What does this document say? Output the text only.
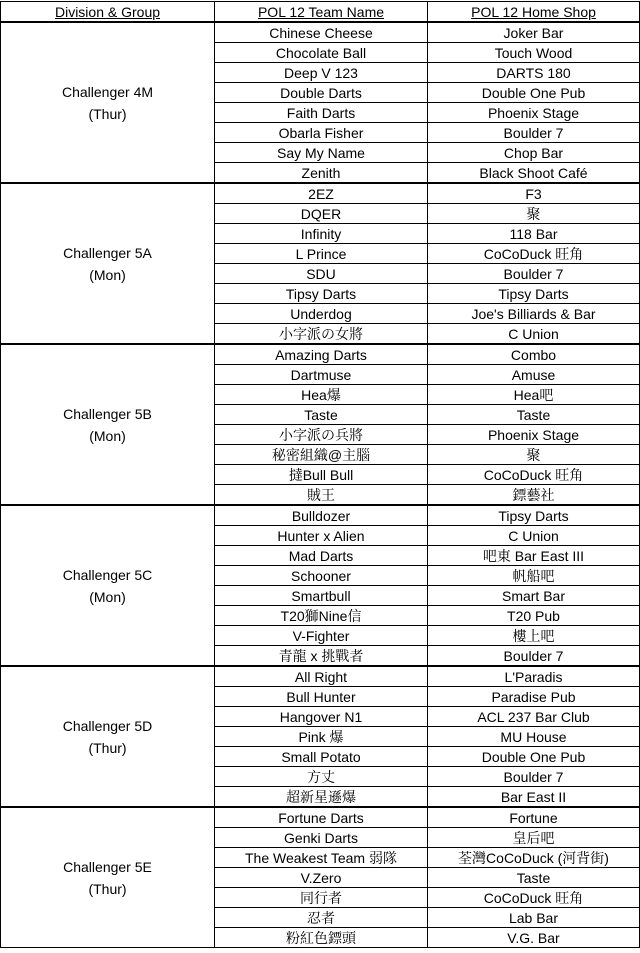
Division & Group	POL 12 Team Name	POL 12 Home Shop

Challenger 4M
(Thur)	Chinese Cheese	Joker Bar
	Chocolate Ball	Touch Wood
	Deep V 123	DARTS 180
	Double Darts	Double One Pub
	Faith Darts	Phoenix Stage
	Obarla Fisher	Boulder 7
	Say My Name	Chop Bar
	Zenith	Black Shoot Café

Challenger 5A
(Mon)	2EZ	F3
	DQER	聚
	Infinity	118 Bar
	L Prince	CoCoDuck 旺角
	SDU	Boulder 7
	Tipsy Darts	Tipsy Darts
	Underdog	Joe's Billiards & Bar
	小字派の女將	C Union

Challenger 5B
(Mon)	Amazing Darts	Combo
	Dartmuse	Amuse
	Hea爆	Hea吧
	Taste	Taste
	小字派の兵將	Phoenix Stage
	秘密組織@主腦	聚
	撻Bull Bull	CoCoDuck 旺角
	賊王	鏢藝社

Challenger 5C
(Mon)	Bulldozer	Tipsy Darts
	Hunter x Alien	C Union
	Mad Darts	吧東 Bar East III
	Schooner	帆船吧
	Smartbull	Smart Bar
	T20獅Nine信	T20 Pub
	V-Fighter	樓上吧
	青龍 x 挑戰者	Boulder 7

Challenger 5D
(Thur)	All Right	L'Paradis
	Bull Hunter	Paradise Pub
	Hangover N1	ACL 237 Bar Club
	Pink 爆	MU House
	Small Potato	Double One Pub
	方丈	Boulder 7
	超新星遜爆	Bar East II

Challenger 5E
(Thur)	Fortune Darts	Fortune
	Genki Darts	皇后吧
	The Weakest Team 弱隊	荃灣CoCoDuck (河背街)
	V.Zero	Taste
	同行者	CoCoDuck 旺角
	忍者	Lab Bar
	粉紅色鏢頭	V.G. Bar
